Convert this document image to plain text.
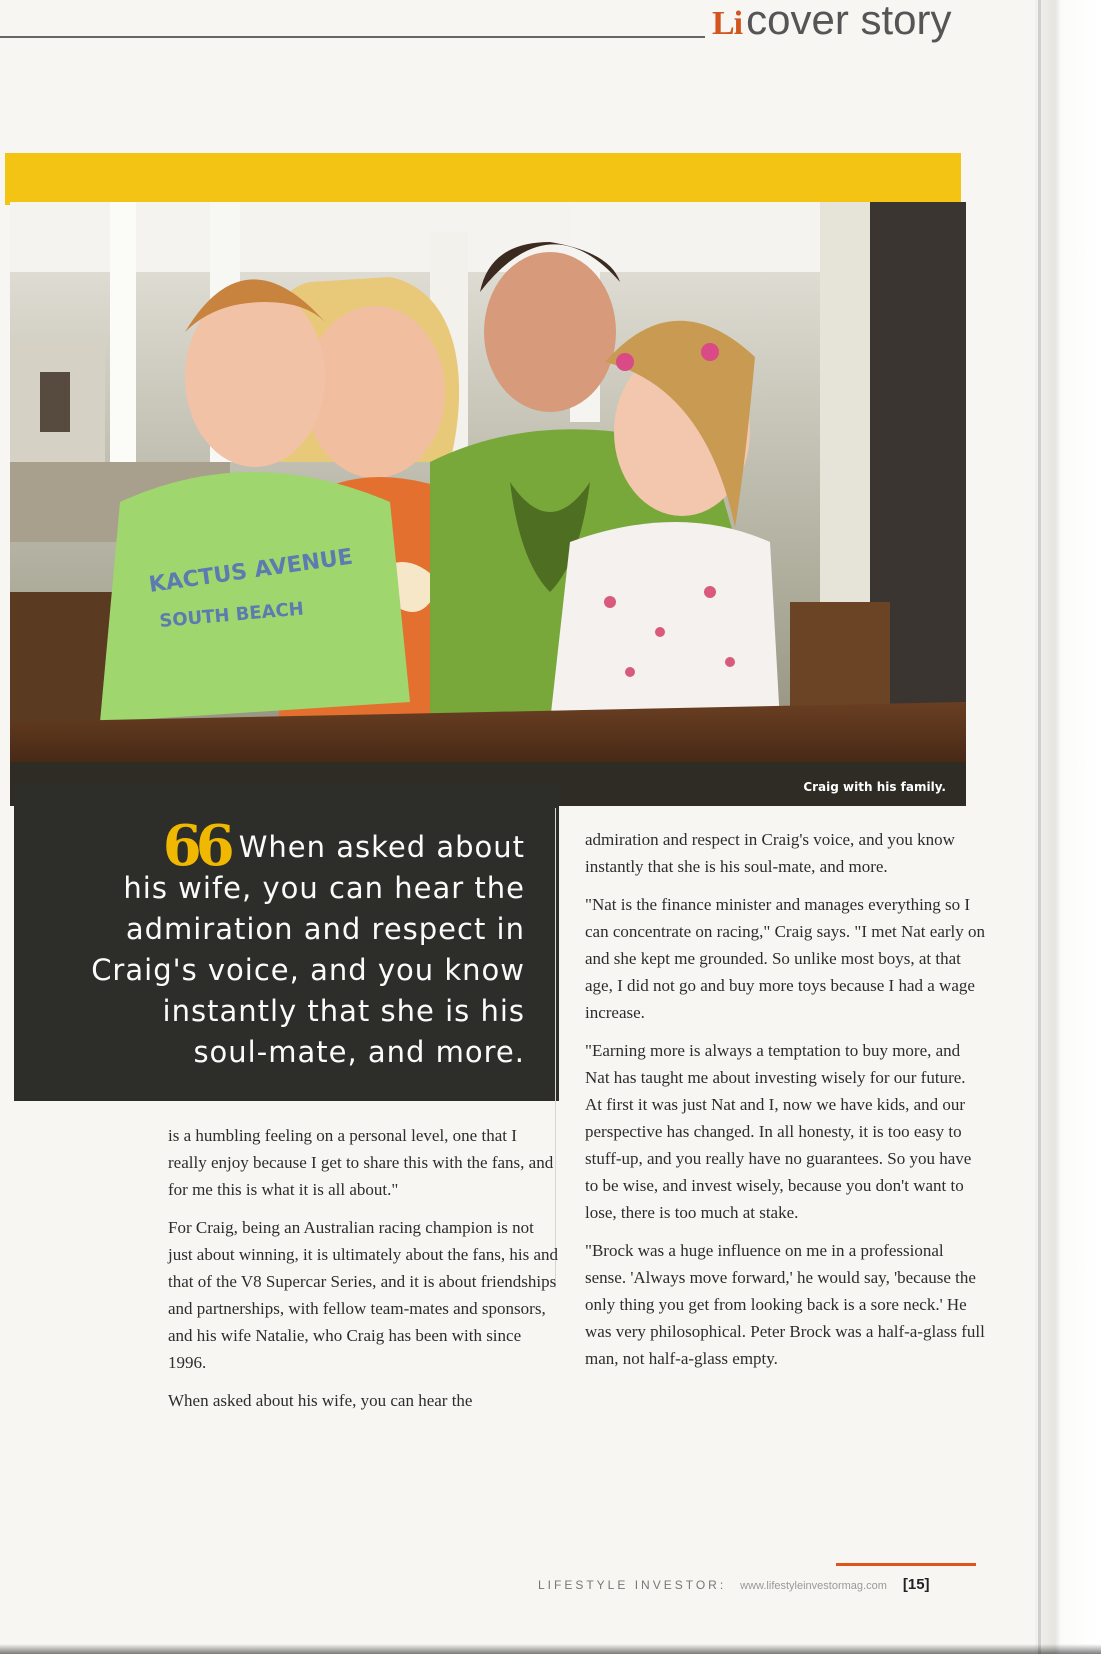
Li cover story
KACTUS AVENUE
SOUTH BEACH
Craig with his family.
66 When asked about
his wife, you can hear the
admiration and respect in
Craig's voice, and you know
instantly that she is his
soul-mate, and more.

is a humbling feeling on a personal level, one that I really enjoy because I get to share this with the fans, and for me this is what it is all about."

For Craig, being an Australian racing champion is not just about winning, it is ultimately about the fans, his and that of the V8 Supercar Series, and it is about friendships and partnerships, with fellow team-mates and sponsors, and his wife Natalie, who Craig has been with since 1996.

When asked about his wife, you can hear the

admiration and respect in Craig's voice, and you know instantly that she is his soul-mate, and more.

"Nat is the finance minister and manages everything so I can concentrate on racing," Craig says. "I met Nat early on and she kept me grounded. So unlike most boys, at that age, I did not go and buy more toys because I had a wage increase.

"Earning more is always a temptation to buy more, and Nat has taught me about investing wisely for our future. At first it was just Nat and I, now we have kids, and our perspective has changed. In all honesty, it is too easy to stuff-up, and you really have no guarantees. So you have to be wise, and invest wisely, because you don't want to lose, there is too much at stake.

"Brock was a huge influence on me in a professional sense. 'Always move forward,' he would say, 'because the only thing you get from looking back is a sore neck.' He was very philosophical. Peter Brock was a half-a-glass full man, not half-a-glass empty.

LIFESTYLE INVESTOR: www.lifestyleinvestormag.com [15]
